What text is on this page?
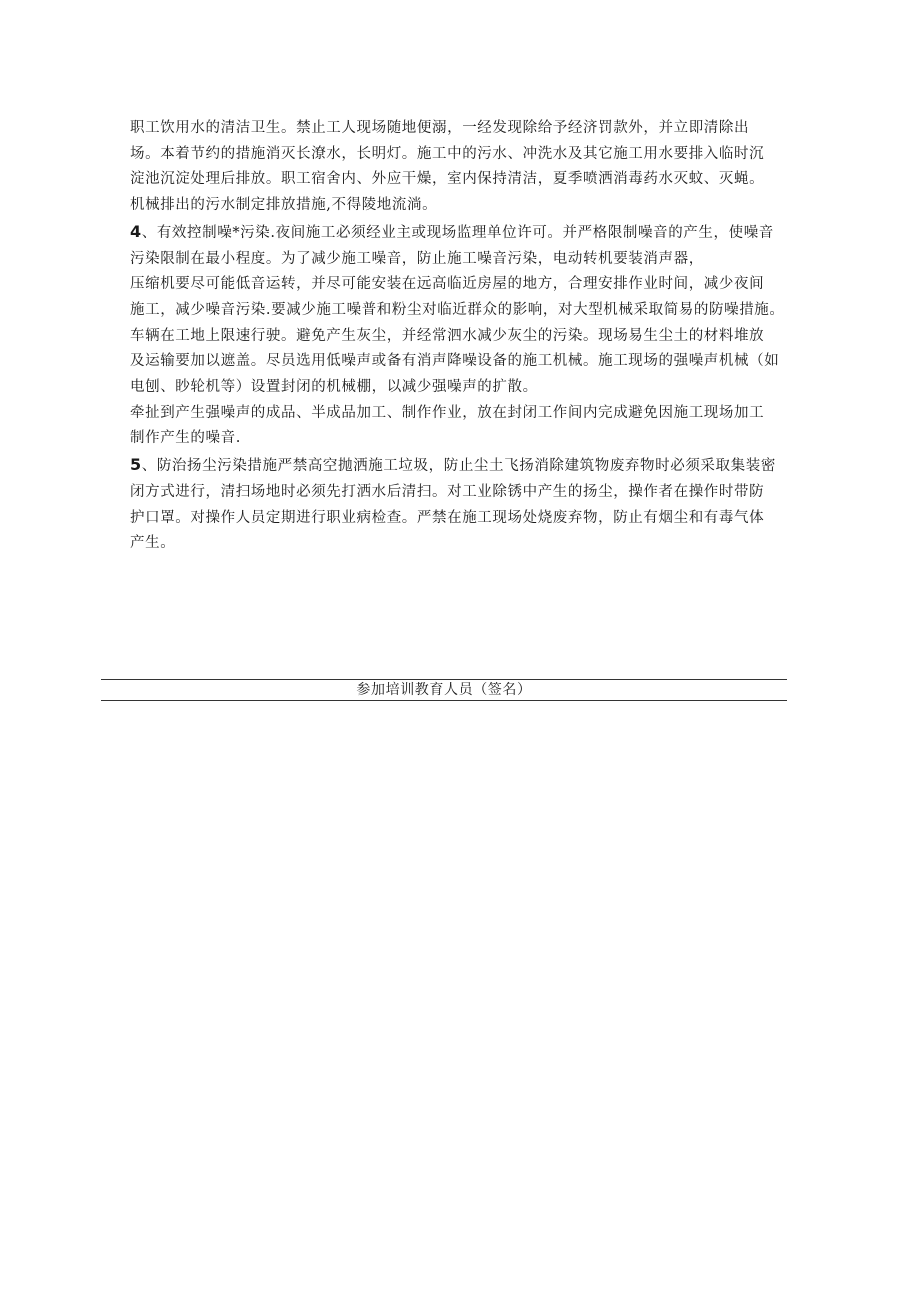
职工饮用水的清洁卫生。禁止工人现场随地便溺，一经发现除给予经济罚款外，并立即清除出
场。本着节约的措施消灭长潦水，长明灯。施工中的污水、冲洗水及其它施工用水要排入临时沉
淀池沉淀处理后排放。职工宿舍内、外应干燥，室内保持清洁，夏季喷洒消毒药水灭蚊、灭蝇。
机械排出的污水制定排放措施,不得陵地流淌。
4、有效控制噪*污染.夜间施工必须经业主或现场监理单位许可。并严格限制噪音的产生，使噪音
污染限制在最小程度。为了减少施工噪音，防止施工噪音污染，电动转机要装消声器，
压缩机要尽可能低音运转，并尽可能安装在远高临近房屋的地方，合理安排作业时间，减少夜间
施工，减少噪音污染.要减少施工噪普和粉尘对临近群众的影响，对大型机械采取简易的防噪措施。
车辆在工地上限速行驶。避免产生灰尘，并经常泗水减少灰尘的污染。现场易生尘土的材料堆放
及运输要加以遮盖。尽员选用低噪声或备有消声降噪设备的施工机械。施工现场的强噪声机械（如
电刨、眇轮机等）设置封闭的机械棚，以减少强噪声的扩散。
牵扯到产生强噪声的成品、半成品加工、制作作业，放在封闭工作间内完成避免因施工现场加工
制作产生的噪音.
5、防治扬尘污染措施严禁高空抛洒施工垃圾，防止尘土飞扬消除建筑物废弃物时必须采取集装密
闭方式进行，清扫场地时必须先打洒水后清扫。对工业除锈中产生的扬尘，操作者在操作时带防
护口罩。对操作人员定期进行职业病检查。严禁在施工现场处烧废弃物，防止有烟尘和有毒气体
产生。
参加培训教育人员（签名）
